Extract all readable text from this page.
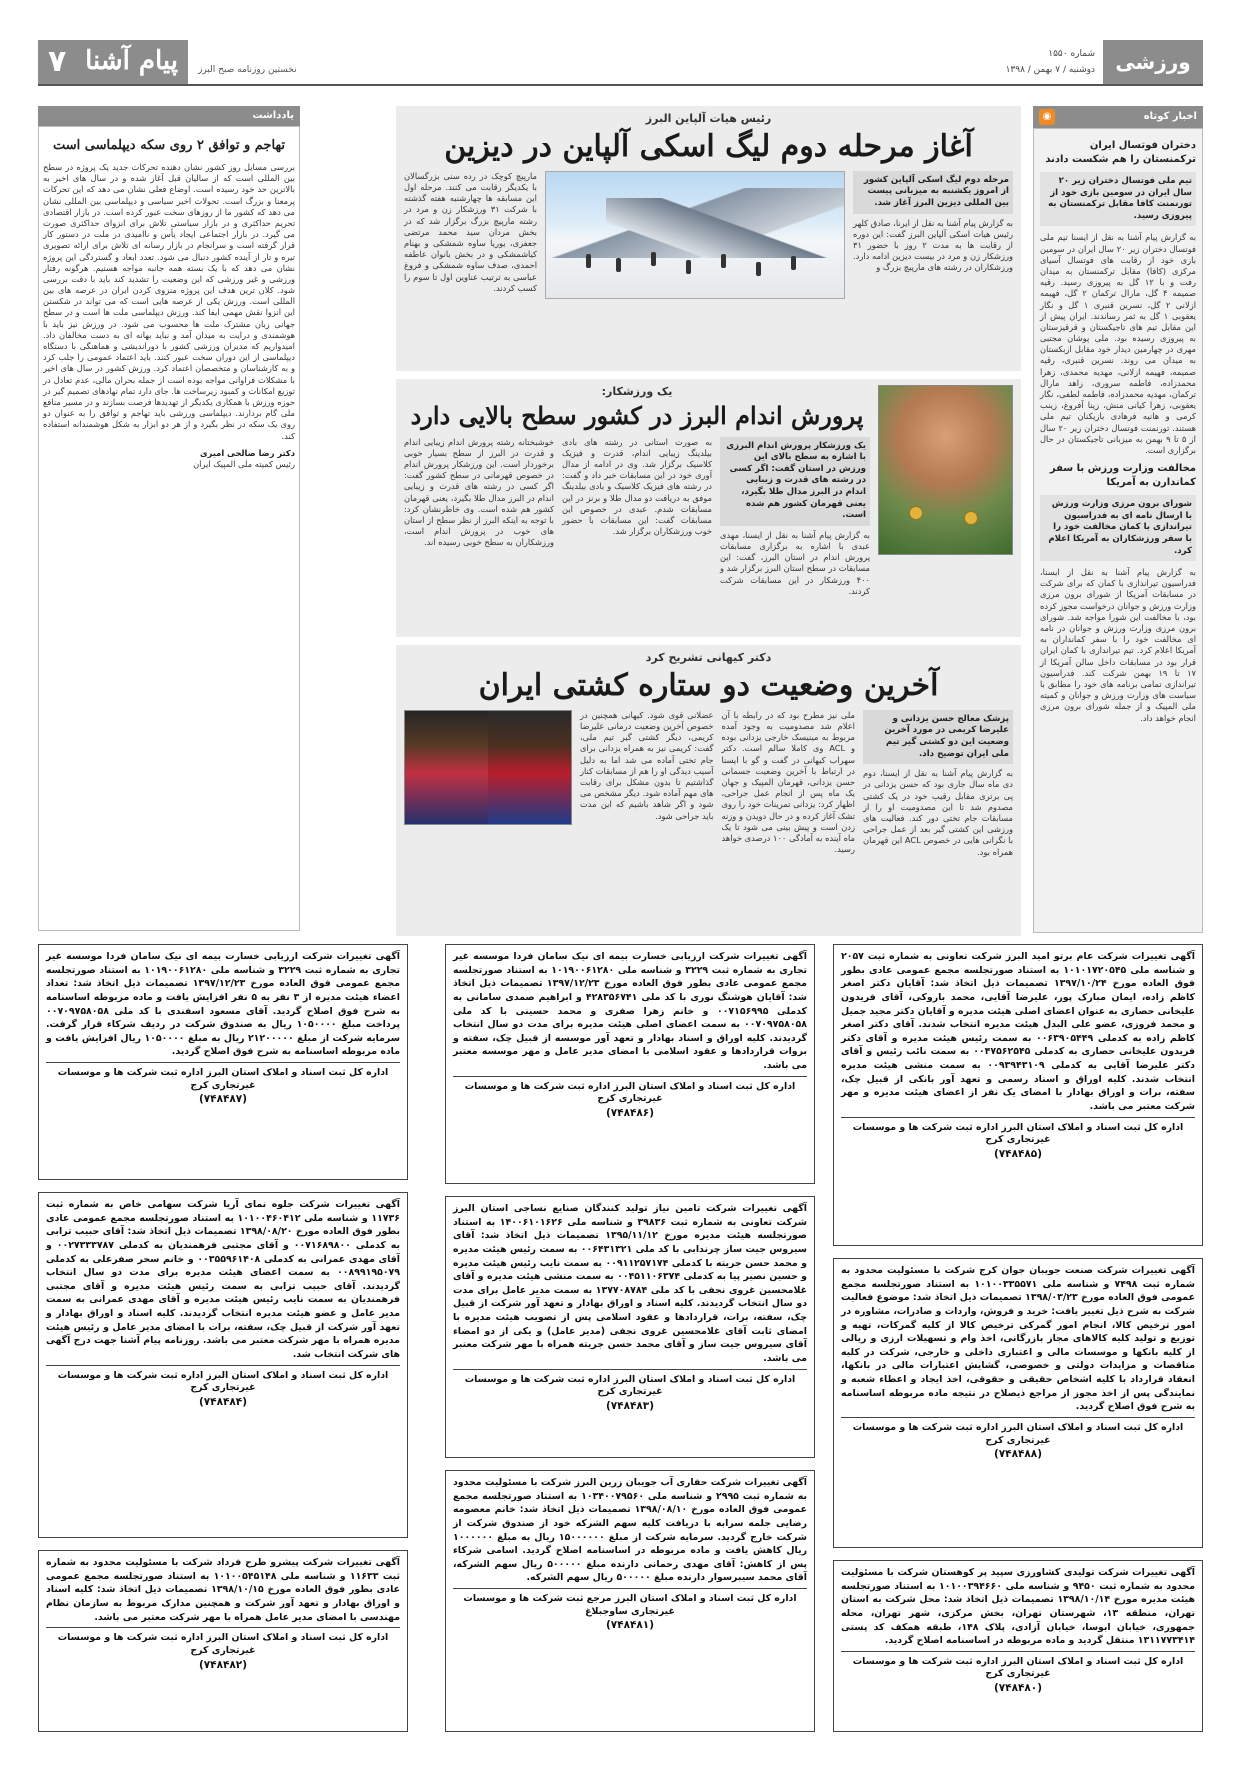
ورزشی
شماره ۱۵۵۰
دوشنبه / ۷ بهمن / ۱۳۹۸
نخستین روزنامه صبح البرز
پیام آشنا
۷
اخبار کوتاه
◉
دختران فوتسال ایران ترکمنستان را هم شکست دادند
تیم ملی فوتسال دختران زیر ۲۰ سال ایران در سومین بازی خود از تورنمنت کافا مقابل ترکمنستان به پیروزی رسید.
به گزارش پیام آشنا به نقل از ایسنا تیم ملی فوتسال دختران زیر ۲۰ سال ایران در سومین بازی خود از رقابت های فوتسال آسیای مرکزی (کافا) مقابل ترکمنستان به میدان رفت و با ۱۲ گل به پیروزی رسید. رقیه صمیمه ۴ گل، مارال ترکمان ۲ گل، فهیمه ازلانی ۲ گل، نسرین قنبری ۱ گل و نگار یعقوبی ۱ گل به ثمر رساندند. ایران پیش از این مقابل تیم های تاجیکستان و قرقیزستان به پیروزی رسیده بود. ملی پوشان مجتبی مهری در چهارمین دیدار خود مقابل ازبکستان به میدان می روند. نسرین قنبری، رقیه صمیمه، فهیمه ازلانی، مهدیه محمدی، زهرا محمدزاده، فاطمه سروری، زاهد مارال ترکمان، مهدیه محمدزاده، فاطمه لطفی، نگار یعقوبی، زهرا کیانی منش، زینا آفروغ، زینب کرمی و هانیه فرهادی بازیکنان تیم ملی هستند. تورنمنت فوتسال دختران زیر ۲۰ سال از ۵ تا ۹ بهمن به میزبانی تاجیکستان در حال برگزاری است.
مخالفت وزارت ورزش با سفر کماندارن به آمریکا
شورای برون مرزی وزارت ورزش با ارسال نامه ای به فدراسیون تیراندازی با کمان مخالفت خود را با سفر ورزشکاران به آمریکا اعلام کرد.
به گزارش پیام آشنا به نقل از ایسنا، فدراسیون تیراندازی با کمان که برای شرکت در مسابقات آمریکا از شورای برون مرزی وزارت ورزش و جوانان درخواست مجوز کرده بود، با مخالفت این شورا مواجه شد. شورای برون مرزی وزارت ورزش و جوانان در نامه ای مخالفت خود را با سفر کمانداران به آمریکا اعلام کرد. تیم تیراندازی با کمان ایران قرار بود در مسابقات داخل سالن آمریکا از ۱۷ تا ۱۹ بهمن شرکت کند. فدراسیون تیراندازی تمامی برنامه های خود را مطابق با سیاست های وزارت ورزش و جوانان و کمیته ملی المپیک و از جمله شورای برون مرزی انجام خواهد داد.
رئیس هیات آلپاین البرز
آغاز مرحله دوم لیگ اسکی آلپاین در دیزین
مرحله دوم لیگ اسکی آلپاین کشور از امروز یکشنبه به میزبانی پیست بین المللی دیزین البرز آغاز شد.
به گزارش پیام آشنا به نقل از ایرنا، صادق کلهر رئیس هیات اسکی آلپاین البرز گفت: این دوره از رقابت ها به مدت ۲ روز با حضور ۳۱ ورزشکار زن و مرد در بیست دیزین ادامه دارد. ورزشکاران در رشته های مارپیچ بزرگ و
مارپیچ کوچک در رده سنی بزرگسالان با یکدیگر رقابت می کنند. مرحله اول این مسابقه ها چهارشنبه هفته گذشته با شرکت ۳۱ ورزشکار زن و مرد در رشته مارپیچ بزرگ برگزار شد که در بخش مردان سید محمد مرتضی جعفری، یوریا ساوه شمشکی و بهنام کیاشمشکی و در بخش بانوان عاطفه احمدی، صدف ساوه شمشکی و فروغ عباسی به ترتیب عناوین اول تا سوم را کسب کردند.
یک ورزشکار:
پرورش اندام البرز در کشور سطح بالایی دارد
یک ورزشکار پرورش اندام البرزی با اشاره به سطح بالای این ورزش در استان گفت: اگر کسی در رشته های قدرت و زیبایی اندام در البرز مدال طلا بگیرد، یعنی قهرمان کشور هم شده است.
به گزارش پیام آشنا به نقل از ایسنا، مهدی عبدی با اشاره به برگزاری مسابقات پرورش اندام در استان البرز، گفت: این مسابقات در سطح استان البرز برگزار شد و ۴۰۰ ورزشکار در این مسابقات شرکت کردند.
به صورت استانی در رشته های بادی بیلدینگ زیبایی اندام، قدرت و فیزیک کلاسیک برگزار شد. وی در ادامه از مدال آوری خود در این مسابقات خبر داد و گفت: در رشته های فیزیک کلاسیک و بادی بیلدینگ موفق به دریافت دو مدال طلا و برنز در این مسابقات شدم. عبدی در خصوص این مسابقات گفت: این مسابقات با حضور خوب ورزشکاران برگزار شد.
خوشبختانه رشته پرورش اندام زیبایی اندام و قدرت در البرز از سطح بسیار خوبی برخوردار است. این ورزشکار پرورش اندام در خصوص قهرمانی در سطح کشور گفت: اگر کسی در رشته های قدرت و زیبایی اندام در البرز مدال طلا بگیرد، یعنی قهرمان کشور هم شده است. وی خاطرنشان کرد: با توجه به اینکه البرز از نظر سطح از استان های خوب در پرورش اندام است، ورزشکاران به سطح خوبی رسیده اند.
دکتر کیهانی تشریح کرد
آخرین وضعیت دو ستاره کشتی ایران
پزشک معالج حسن یزدانی و علیرضا کریمی در مورد آخرین وضعیت این دو کشتی گیر تیم ملی ایران توضیح داد.
به گزارش پیام آشنا به نقل از ایسنا، دوم دی ماه سال جاری بود که حسن یزدانی در پی برتری مقابل رقیب خود در یک کشتی مصدوم شد تا این مصدومیت او را از مسابقات جام تختی دور کند. فعالیت های ورزشی این کشتی گیر بعد از عمل جراحی با نگرانی هایی در خصوص ACL این قهرمان همراه بود.
ملی نیز مطرح بود که در رابطه با آن اعلام شد مصدومیت به وجود آمده مربوط به مینیسک خارجی یزدانی بوده و ACL وی کاملا سالم است. دکتر سهراب کیهانی در گفت و گو با ایسنا در ارتباط با آخرین وضعیت جسمانی حسن یزدانی، قهرمان المپیک و جهان یک ماه پس از انجام عمل جراحی، اظهار کرد: یزدانی تمرینات خود را روی تشک آغاز کرده و در حال دویدن و وزنه زدن است و پیش بینی می شود تا یک ماه آینده به آمادگی ۱۰۰ درصدی خواهد رسید.
عضلانی قوی شود. کیهانی همچنین در خصوص آخرین وضعیت درمانی علیرضا کریمی، دیگر کشتی گیر تیم ملی، گفت: کریمی نیز به همراه یزدانی برای جام تختی آماده می شد اما به دلیل آسیب دیدگی او را هم از مسابقات کنار گذاشتیم تا بدون مشکل برای رقابت های مهم آماده شود. دیگر مشخص می شود و اگر شاهد باشیم که این مدت باید جراحی شود.
یادداشت
تهاجم و توافق ۲ روی سکه دیپلماسی است
بررسی مسایل روز کشور نشان دهنده تحرکات جدید یک پروژه در سطح بین المللی است که از سالیان قبل آغاز شده و در سال های اخیر به بالاترین حد خود رسیده است. اوضاع فعلی نشان می دهد که این تحرکات پرمعنا و بزرگ است. تحولات اخیر سیاسی و دیپلماسی بین المللی نشان می دهد که کشور ما از روزهای سخت عبور کرده است. در بازار اقتصادی تحریم حداکثری و در بازار سیاستی تلاش برای انزوای حداکثری صورت می گیرد. در بازار اجتماعی ایجاد یأس و ناامیدی در ملت در دستور کار قرار گرفته است و سرانجام در بازار رسانه ای تلاش برای ارائه تصویری تیره و تار از آینده کشور دنبال می شود. تعدد ابعاد و گستردگی این پروژه نشان می دهد که با یک بسته همه جانبه مواجه هستیم. هرگونه رفتار ورزشی و غیر ورزشی که این وضعیت را تشدید کند باید با دقت بررسی شود. کلان ترین هدف این پروژه منزوی کردن ایران در عرصه های بین المللی است. ورزش یکی از عرصه هایی است که می تواند در شکستن این انزوا نقش مهمی ایفا کند. ورزش دیپلماسی ملت ها است و در سطح جهانی زبان مشترک ملت ها محسوب می شود. در ورزش نیز باید با هوشمندی و درایت به میدان آمد و نباید بهانه ای به دست مخالفان داد. امیدواریم که مدیران ورزشی کشور با دوراندیشی و هماهنگی با دستگاه دیپلماسی از این دوران سخت عبور کنند. باید اعتماد عمومی را جلب کرد و به کارشناسان و متخصصان اعتماد کرد. ورزش کشور در سال های اخیر با مشکلات فراوانی مواجه بوده است از جمله بحران مالی، عدم تعادل در توزیع امکانات و کمبود زیرساخت ها. جای دارد تمام نهادهای تصمیم گیر در حوزه ورزش با همکاری یکدیگر از تهدیدها فرصت بسازند و در مسیر منافع ملی گام بردارند. دیپلماسی ورزشی باید تهاجم و توافق را به عنوان دو روی یک سکه در نظر بگیرد و از هر دو ابزار به شکل هوشمندانه استفاده کند.
دکتر رضا صالحی امیری
رئیس کمیته ملی المپیک ایران
آگهی تغییرات شرکت عام برتو امید البرز شرکت تعاونی به شماره ثبت ۲۰۵۷ و شناسه ملی ۱۰۱۰۱۷۲۰۵۴۵ به استناد صورتجلسه مجمع عمومی عادی بطور فوق العاده مورخ ۱۳۹۷/۱۰/۲۴ تصمیمات ذیل اتخاذ شد: آقایان دکتر اصغر کاظم زاده، ایمان مبارک پور، علیرضا آقایی، محمد باروکی، آقای فریدون علیخانی حصاری به عنوان اعضای اصلی هیئت مدیره و آقایان دکتر مجید جمیل و محمد فروزی، عضو علی البدل هیئت مدیره انتخاب شدند. آقای دکتر اصغر کاظم زاده به کدملی ۰۰۶۳۹۰۵۴۴۹ به سمت رئیس هیئت مدیره و آقای دکتر فریدون علیخانی حصاری به کدملی ۰۰۴۷۵۶۲۵۴۵ به سمت نائب رئیس و آقای دکتر علیرضا آقایی به کدملی ۰۰۹۳۹۴۳۱۰۹ به سمت منشی هیئت مدیره انتخاب شدند. کلیه اوراق و اسناد رسمی و تعهد آور بانکی از قبیل چک، سفته، برات و اوراق بهادار با امضای یک نفر از اعضای هیئت مدیره و مهر شرکت معتبر می باشد.
اداره کل ثبت اسناد و املاک استان البرز اداره ثبت شرکت ها و موسسات غیرتجاری کرج
(۷۴۸۴۸۵)
آگهی تغییرات شرکت ارزیابی خسارت بیمه ای نیک سامان فردا موسسه غیر تجاری به شماره ثبت ۳۲۲۹ و شناسه ملی ۱۰۱۹۰۰۶۱۲۸۰ به استناد صورتجلسه مجمع عمومی عادی بطور فوق العاده مورخ ۱۳۹۷/۱۲/۲۳ تصمیمات ذیل اتخاذ شد: آقایان هوشنگ نوری با کد ملی ۴۲۸۳۵۶۷۴۱ و ابراهیم صمدی سامانی به کدملی ۰۰۷۱۵۶۹۹۵ و خانم زهرا صفری و محمد حسینی با کد ملی ۰۰۷۰۹۷۵۸۰۵۸ به سمت اعضای اصلی هیئت مدیره برای مدت دو سال انتخاب گردیدند. کلیه اوراق و اسناد بهادار و تعهد آور موسسه از قبیل چک، سفته و بروات قراردادها و عقود اسلامی با امضای مدیر عامل و مهر موسسه معتبر می باشد.
اداره کل ثبت اسناد و املاک استان البرز اداره ثبت شرکت ها و موسسات غیرتجاری کرج
(۷۴۸۴۸۶)
آگهی تغییرات شرکت ارزیابی خسارت بیمه ای نیک سامان فردا موسسه غیر تجاری به شماره ثبت ۳۲۲۹ و شناسه ملی ۱۰۱۹۰۰۶۱۲۸۰ به استناد صورتجلسه مجمع عمومی فوق العاده مورخ ۱۳۹۷/۱۲/۲۳ تصمیمات ذیل اتخاذ شد: تعداد اعضاء هیئت مدیره از ۳ نفر به ۵ نفر افزایش یافت و ماده مربوطه اساسنامه به شرح فوق اصلاح گردید. آقای مسعود اسفندی با کد ملی ۰۰۷۰۹۷۵۸۰۵۸ پرداخت مبلغ ۱۰۵۰۰۰۰ ریال به صندوق شرکت در ردیف شرکاء قرار گرفت. سرمایه شرکت از مبلغ ۲۱۲۰۰۰۰۰ ریال به مبلغ ۱۰۵۰۰۰۰ ریال افزایش یافت و ماده مربوطه اساسنامه به شرح فوق اصلاح گردید.
اداره کل ثبت اسناد و املاک استان البرز اداره ثبت شرکت ها و موسسات غیرتجاری کرج
(۷۴۸۴۸۷)
آگهی تغییرات شرکت صنعت جویبان جوان کرج شرکت با مسئولیت محدود به شماره ثبت ۷۴۹۸ و شناسه ملی ۱۰۱۰۰۳۳۵۵۷۱ به استناد صورتجلسه مجمع عمومی فوق العاده مورخ ۱۳۹۸/۰۳/۲۳ تصمیمات ذیل اتخاذ شد: موضوع فعالیت شرکت به شرح ذیل تغییر یافت: خرید و فروش، واردات و صادرات، مشاوره در امور ترخیص کالا، انجام امور گمرکی ترخیص کالا از کلیه گمرکات، تهیه و توزیع و تولید کلیه کالاهای مجاز بازرگانی، اخذ وام و تسهیلات ارزی و ریالی از کلیه بانکها و موسسات مالی و اعتباری داخلی و خارجی، شرکت در کلیه مناقصات و مزایدات دولتی و خصوصی، گشایش اعتبارات مالی در بانکها، انعقاد قرارداد با کلیه اشخاص حقیقی و حقوقی، اخذ ایجاد و اعطاء شعبه و نمایندگی پس از اخذ مجوز از مراجع ذیصلاح در نتیجه ماده مربوطه اساسنامه به شرح فوق اصلاح گردید.
اداره کل ثبت اسناد و املاک استان البرز اداره ثبت شرکت ها و موسسات غیرتجاری کرج
(۷۴۸۴۸۸)
آگهی تغییرات شرکت تامین نیاز تولید کنندگان صنایع نساجی استان البرز شرکت تعاونی به شماره ثبت ۳۹۸۳۶ و شناسه ملی ۱۴۰۰۶۱۰۱۶۲۶ به استناد صورتجلسه هیئت مدیره مورخ ۱۳۹۵/۱۱/۱۲ تصمیمات ذیل اتخاذ شد: آقای سیروس جیت ساز چرندابی با کد ملی ۰۰۶۴۳۱۳۲۱ به سمت رئیس هیئت مدیره و محمد حسن جریته با کدملی ۰۰۹۱۱۲۵۷۱۷۴ به سمت نایب رئیس هیئت مدیره و حسین نصیر پیا به کدملی ۰۰۴۵۱۱۰۶۳۷۴ به سمت منشی هیئت مدیره و آقای غلامحسین غروی نجفی با کد ملی ۱۳۷۷۰۸۷۸۴ به سمت مدیر عامل برای مدت دو سال انتخاب گردیدند. کلیه اسناد و اوراق بهادار و تعهد آور شرکت از قبیل چک، سفته، برات، قراردادها و عقود اسلامی پس از تصویب هیئت مدیره با امضای ثابت آقای غلامحسین غروی نجفی (مدیر عامل) و یکی از دو امضاء آقای سیروس جیت ساز و آقای محمد حسن جریته همراه با مهر شرکت معتبر می باشد.
اداره کل ثبت اسناد و املاک استان البرز اداره ثبت شرکت ها و موسسات غیرتجاری کرج
(۷۴۸۴۸۳)
آگهی تغییرات شرکت جلوه نمای آریا شرکت سهامی خاص به شماره ثبت ۱۱۷۳۶ و شناسه ملی ۱۰۱۰۰۴۶۰۴۱۲ به استناد صورتجلسه مجمع عمومی عادی بطور فوق العاده مورخ ۱۳۹۸/۰۸/۲۰ تصمیمات ذیل اتخاذ شد: آقای حبیب ترابی به کدملی ۰۰۷۱۶۸۹۸۰۰ و آقای مجتبی فرهمندیان به کدملی ۰۰۲۷۳۳۳۷۸۷ و آقای مهدی عمرانی به کدملی ۰۰۳۵۵۹۶۱۴۰۸ و خانم سحر صفرعلی به کدملی ۰۰۸۹۹۱۹۵۰۷۹ به سمت اعضای هیئت مدیره برای مدت دو سال انتخاب گردیدند. آقای حبیب ترابی به سمت رئیس هیئت مدیره و آقای مجتبی فرهمندیان به سمت نایب رئیس هیئت مدیره و آقای مهدی عمرانی به سمت مدیر عامل و عضو هیئت مدیره انتخاب گردیدند. کلیه اسناد و اوراق بهادار و تعهد آور شرکت از قبیل چک، سفته، برات با امضای مدیر عامل و رئیس هیئت مدیره همراه با مهر شرکت معتبر می باشد. روزنامه پیام آشنا جهت درج آگهی های شرکت انتخاب شد.
اداره کل ثبت اسناد و املاک استان البرز اداره ثبت شرکت ها و موسسات غیرتجاری کرج
(۷۴۸۴۸۴)
آگهی تغییرات شرکت تولیدی کشاورزی سپید پر کوهستان شرکت با مسئولیت محدود به شماره ثبت ۹۴۵۰ و شناسه ملی ۱۰۱۰۰۳۹۴۶۶۰ به استناد صورتجلسه هیئت مدیره مورخ ۱۳۹۸/۱۰/۱۴ تصمیمات ذیل اتخاذ شد: محل شرکت به استان تهران، منطقه ۱۳، شهرستان تهران، بخش مرکزی، شهر تهران، محله جمهوری، خیابان ابوسا، خیابان آزادی، پلاک ۱۴۸، طبقه همکف کد پستی ۱۳۱۱۷۷۳۴۱۴ منتقل گردید و ماده مربوطه در اساسنامه اصلاح گردید.
اداره کل ثبت اسناد و املاک استان البرز اداره ثبت شرکت ها و موسسات غیرتجاری کرج
(۷۴۸۴۸۰)
آگهی تغییرات شرکت حفاری آب جویبان زرین البرز شرکت با مسئولیت محدود به شماره ثبت ۲۹۹۵ و شناسه ملی ۱۰۳۴۰۰۷۹۵۶۰ به استناد صورتجلسه مجمع عمومی فوق العاده مورخ ۱۳۹۸/۰۸/۱۰ تصمیمات ذیل اتخاذ شد: خانم معصومه رضایی جلمه سرابه با دریافت کلیه سهم الشرکه خود از صندوق شرکت از شرکت خارج گردید. سرمایه شرکت از مبلغ ۱۵۰۰۰۰۰۰ ریال به مبلغ ۱۰۰۰۰۰۰ ریال کاهش یافت و ماده مربوطه در اساسنامه اصلاح گردید. اسامی شرکاء پس از کاهش: آقای مهدی رحمانی دارنده مبلغ ۵۰۰۰۰۰ ریال سهم الشرکه، آقای محمد سیبرسوار دارنده مبلغ ۵۰۰۰۰۰ ریال سهم الشرکه.
اداره کل ثبت اسناد و املاک استان البرز مرجع ثبت شرکت ها و موسسات غیرتجاری ساوجبلاغ
(۷۴۸۴۸۱)
آگهی تغییرات شرکت پیشرو طرح فرداد شرکت با مسئولیت محدود به شماره ثبت ۱۱۶۳۳ و شناسه ملی ۱۰۱۰۰۵۴۵۱۴۸ به استناد صورتجلسه مجمع عمومی عادی بطور فوق العاده مورخ ۱۳۹۸/۱۰/۱۵ تصمیمات ذیل اتخاذ شد: کلیه اسناد و اوراق بهادار و تعهد آور شرکت و همچنین مدارک مربوط به سازمان نظام مهندسی با امضای مدیر عامل همراه با مهر شرکت معتبر می باشد.
اداره کل ثبت اسناد و املاک استان البرز اداره ثبت شرکت ها و موسسات غیرتجاری کرج
(۷۴۸۴۸۲)
